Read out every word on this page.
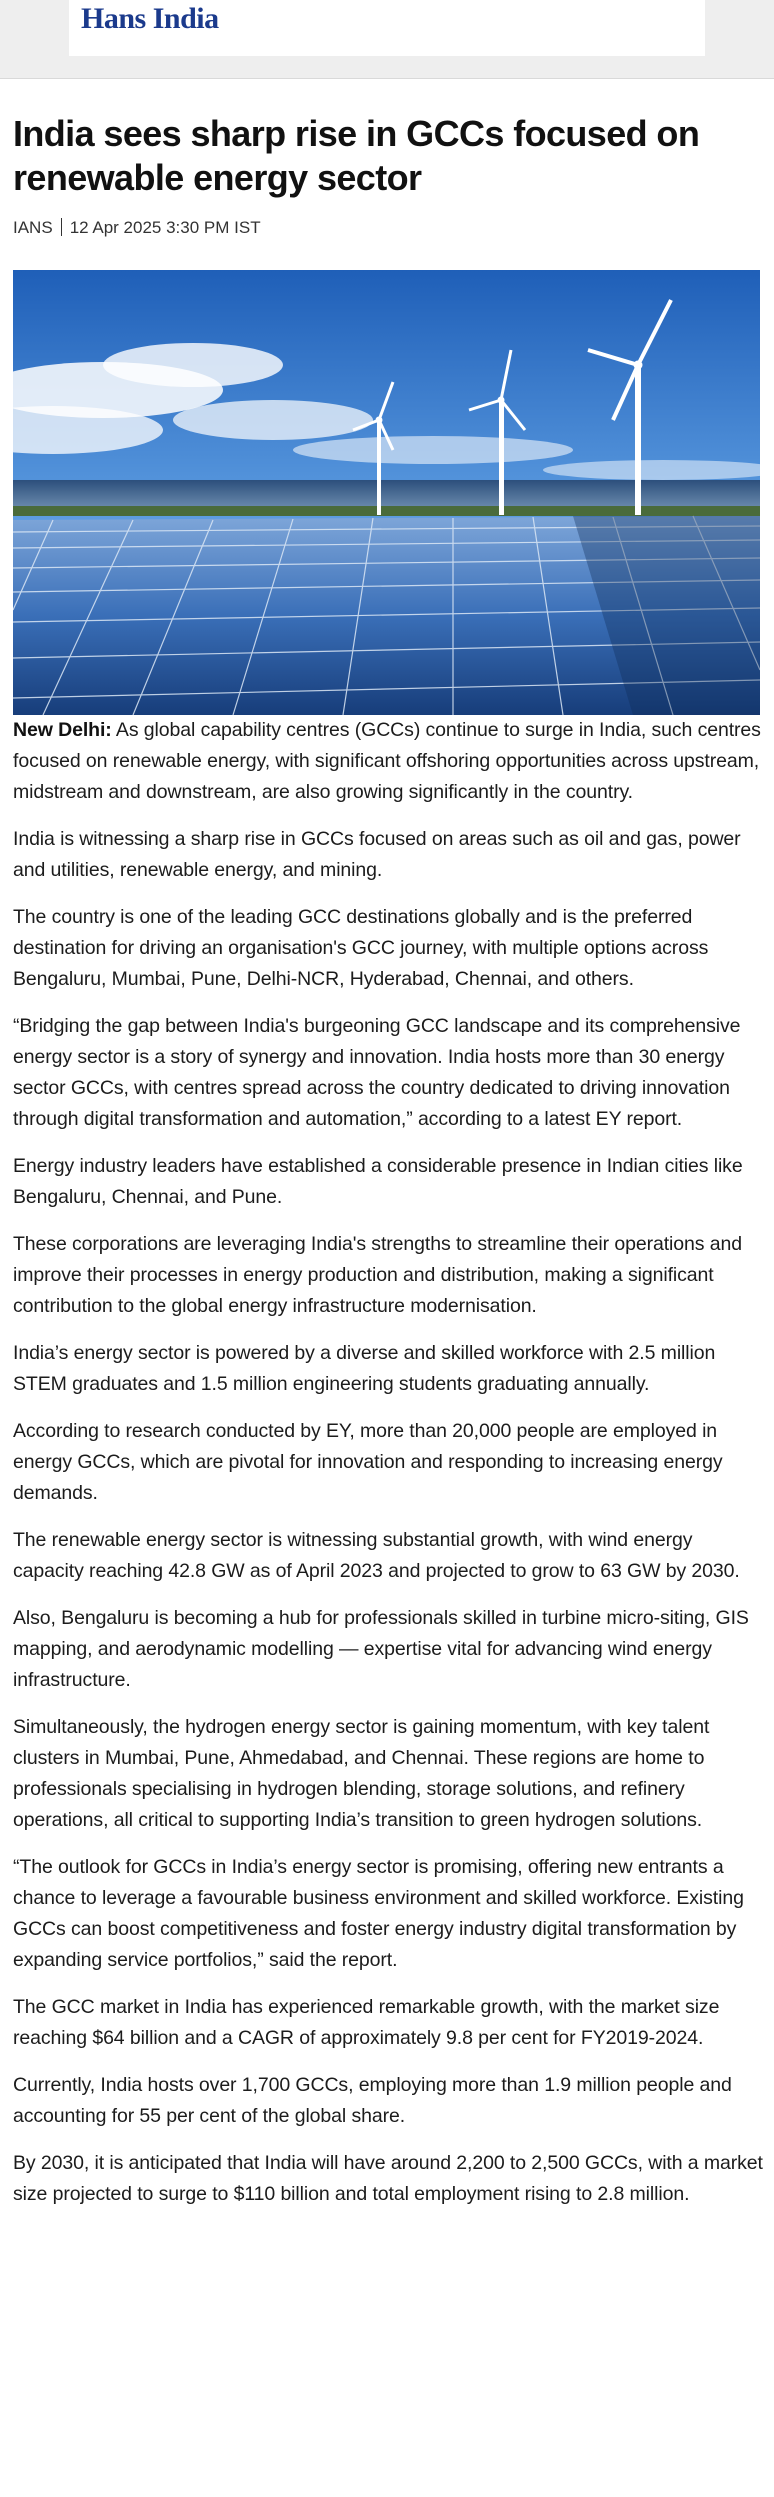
Hans India
India sees sharp rise in GCCs focused on renewable energy sector
IANS 12 Apr 2025 3:30 PM IST

New Delhi: As global capability centres (GCCs) continue to surge in India, such centres focused on renewable energy, with significant offshoring opportunities across upstream, midstream and downstream, are also growing significantly in the country.

India is witnessing a sharp rise in GCCs focused on areas such as oil and gas, power and utilities, renewable energy, and mining.

The country is one of the leading GCC destinations globally and is the preferred destination for driving an organisation's GCC journey, with multiple options across Bengaluru, Mumbai, Pune, Delhi-NCR, Hyderabad, Chennai, and others.

“Bridging the gap between India's burgeoning GCC landscape and its comprehensive energy sector is a story of synergy and innovation. India hosts more than 30 energy sector GCCs, with centres spread across the country dedicated to driving innovation through digital transformation and automation,” according to a latest EY report.

Energy industry leaders have established a considerable presence in Indian cities like Bengaluru, Chennai, and Pune.

These corporations are leveraging India's strengths to streamline their operations and improve their processes in energy production and distribution, making a significant contribution to the global energy infrastructure modernisation.

India’s energy sector is powered by a diverse and skilled workforce with 2.5 million STEM graduates and 1.5 million engineering students graduating annually.

According to research conducted by EY, more than 20,000 people are employed in energy GCCs, which are pivotal for innovation and responding to increasing energy demands.

The renewable energy sector is witnessing substantial growth, with wind energy capacity reaching 42.8 GW as of April 2023 and projected to grow to 63 GW by 2030.

Also, Bengaluru is becoming a hub for professionals skilled in turbine micro-siting, GIS mapping, and aerodynamic modelling — expertise vital for advancing wind energy infrastructure.

Simultaneously, the hydrogen energy sector is gaining momentum, with key talent clusters in Mumbai, Pune, Ahmedabad, and Chennai. These regions are home to professionals specialising in hydrogen blending, storage solutions, and refinery operations, all critical to supporting India’s transition to green hydrogen solutions.

“The outlook for GCCs in India’s energy sector is promising, offering new entrants a chance to leverage a favourable business environment and skilled workforce. Existing GCCs can boost competitiveness and foster energy industry digital transformation by expanding service portfolios,” said the report.

The GCC market in India has experienced remarkable growth, with the market size reaching $64 billion and a CAGR of approximately 9.8 per cent for FY2019-2024.

Currently, India hosts over 1,700 GCCs, employing more than 1.9 million people and accounting for 55 per cent of the global share.

By 2030, it is anticipated that India will have around 2,200 to 2,500 GCCs, with a market size projected to surge to $110 billion and total employment rising to 2.8 million.
